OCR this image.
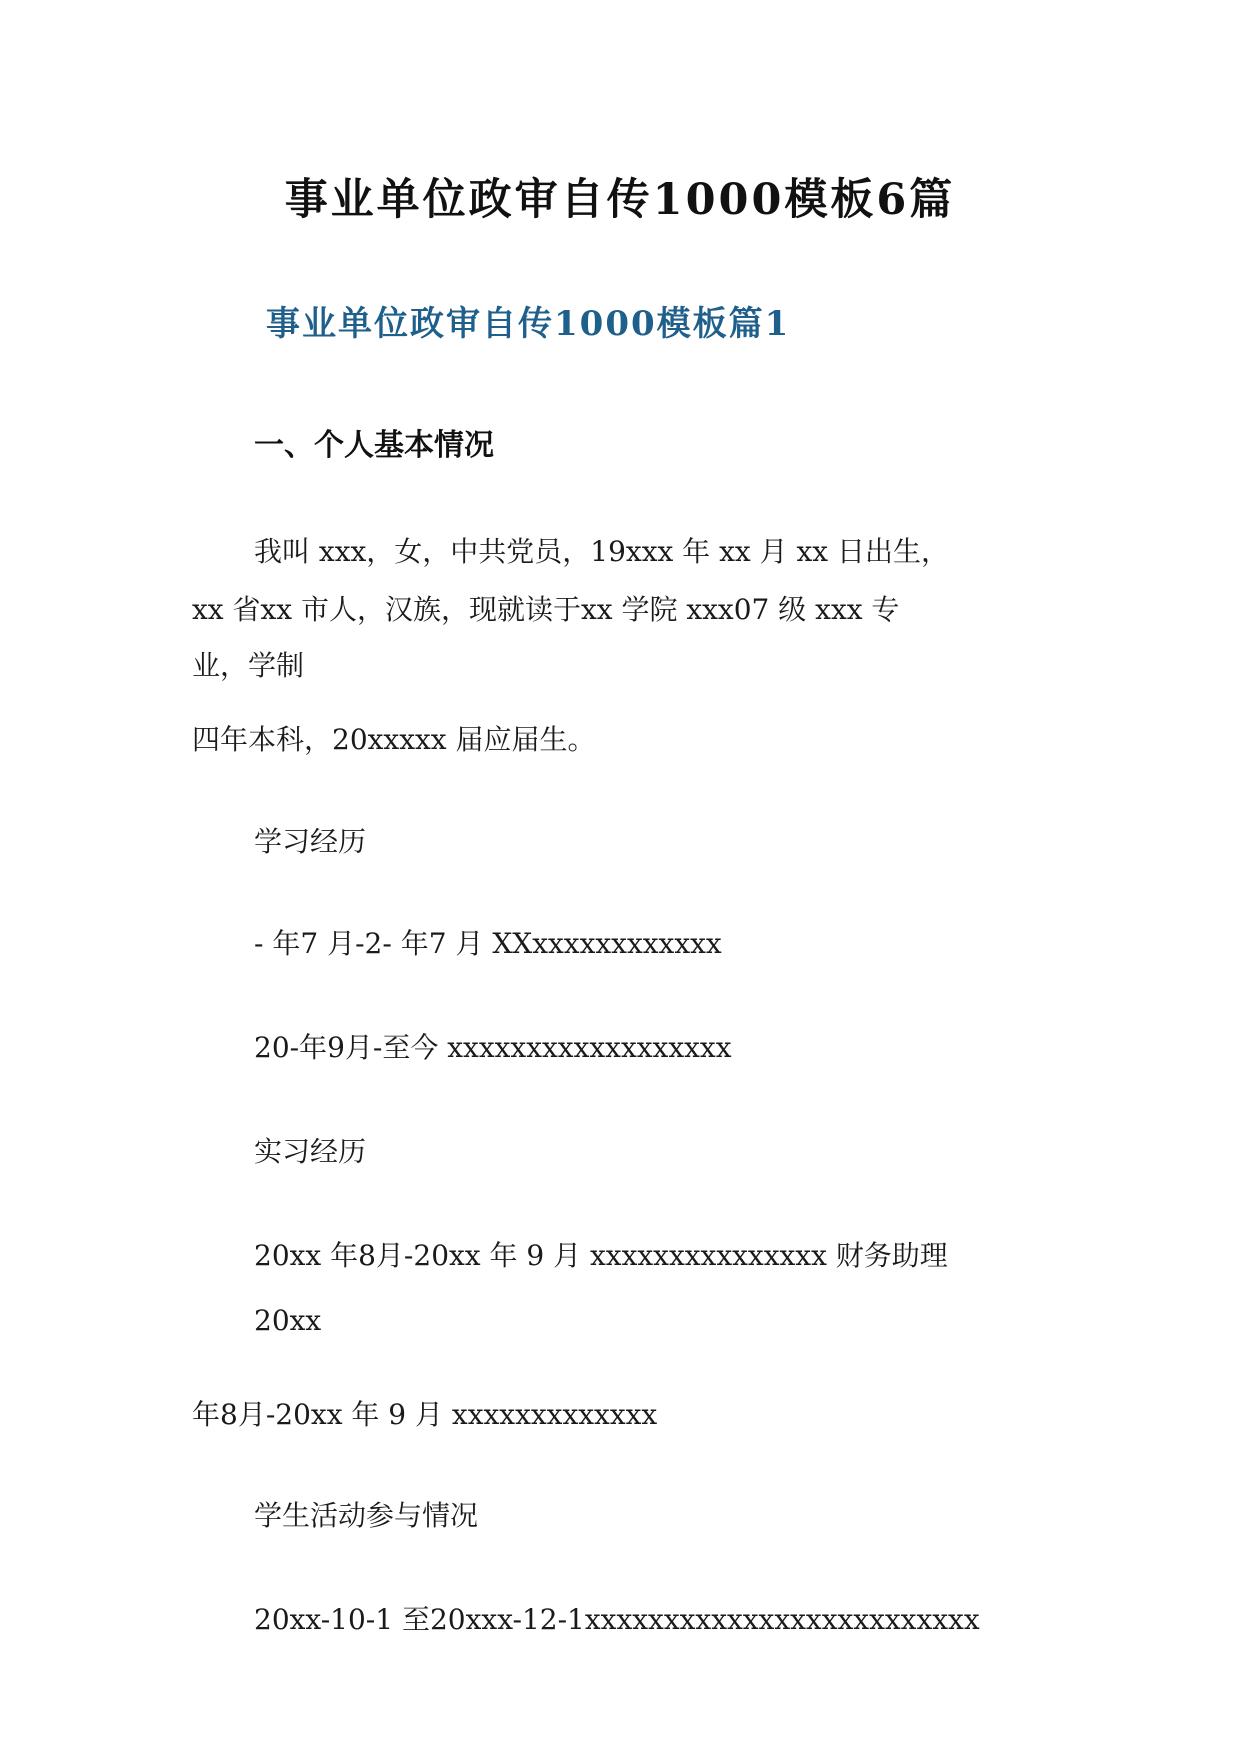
事业单位政审自传1000模板6篇
事业单位政审自传1000模板篇1
一、个人基本情况

我叫 xxx，女，中共党员，19xxx 年 xx 月 xx 日出生，

xx 省xx 市人，汉族，现就读于xx 学院 xxx07 级 xxx 专

业，学制

四年本科，20xxxxx 届应届生。

学习经历

- 年7 月-2- 年7 月 XXxxxxxxxxxxxx

20-年9月-至今 xxxxxxxxxxxxxxxxxx

实习经历

20xx 年8月-20xx 年 9 月 xxxxxxxxxxxxxxx 财务助理

20xx

年8月-20xx 年 9 月 xxxxxxxxxxxxx

学生活动参与情况

20xx-10-1 至20xxx-12-1xxxxxxxxxxxxxxxxxxxxxxxxx
